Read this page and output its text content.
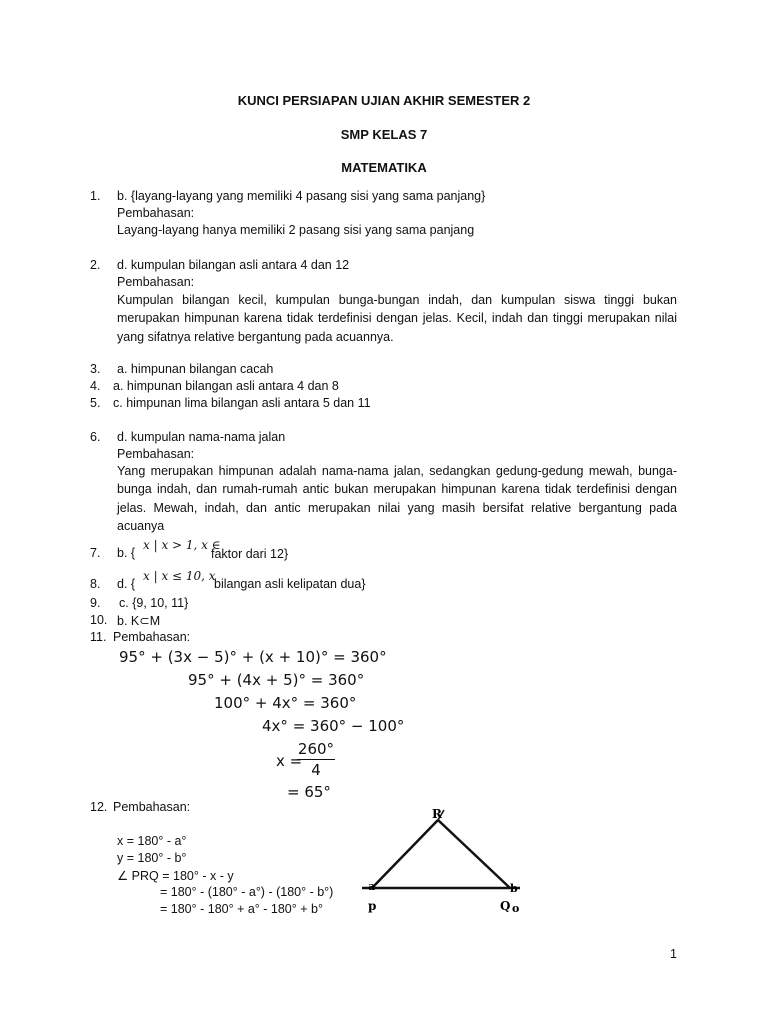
KUNCI PERSIAPAN UJIAN AKHIR SEMESTER 2
SMP KELAS 7
MATEMATIKA
1. b. {layang-layang yang memiliki 4 pasang sisi yang sama panjang}
Pembahasan:
Layang-layang hanya memiliki 2 pasang sisi yang sama panjang
2. d. kumpulan bilangan asli antara 4 dan 12
Pembahasan:
Kumpulan bilangan kecil, kumpulan bunga-bungan indah, dan kumpulan siswa tinggi bukan merupakan himpunan karena tidak terdefinisi dengan jelas. Kecil, indah dan tinggi merupakan nilai yang sifatnya relative bergantung pada acuannya.
3. a. himpunan bilangan cacah
4. a. himpunan bilangan asli antara 4 dan 8
5. c. himpunan lima bilangan asli antara 5 dan 11
6. d. kumpulan nama-nama jalan
Pembahasan:
Yang merupakan himpunan adalah nama-nama jalan, sedangkan gedung-gedung mewah, bunga-bunga indah, dan rumah-rumah antic bukan merupakan himpunan karena tidak terdefinisi dengan jelas. Mewah, indah, dan antic merupakan nilai yang masih bersifat relative bergantung pada acuanya
7. b. {
x | x > 1, x ∈
faktor dari 12}
8. d. {
x | x ≤ 10, x
bilangan asli kelipatan dua}
9. c. {9, 10, 11}
10. b. K⊂M
11. Pembahasan:
95° + (3x − 5)° + (x + 10)° = 360°
95° + (4x + 5)° = 360°
100° + 4x° = 360°
4x° = 360° − 100°
x =
260°
4
= 65°
12. Pembahasan:
x = 180° - a°
y = 180° - b°
∠ PRQ = 180° - x - y
= 180° - (180° - a°) - (180° - b°)
= 180° - 180° + a° - 180° + b°
R
a	b
p	Q o
1
